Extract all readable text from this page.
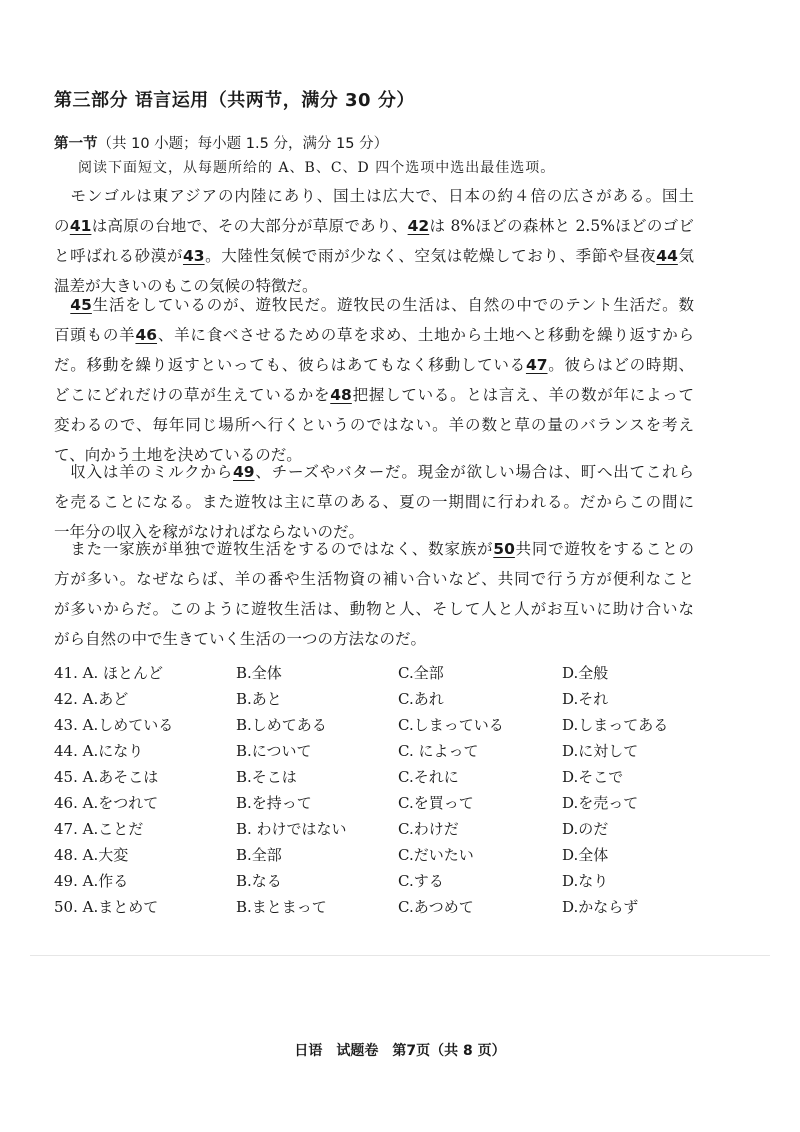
第三部分 语言运用（共两节，满分 30 分）
第一节（共 10 小题；每小题 1.5 分，满分 15 分）
阅读下面短文，从每题所给的 A、B、C、D 四个选项中选出最佳选项。
　モンゴルは東アジアの内陸にあり、国土は広大で、日本の約４倍の広さがある。国土
の41は高原の台地で、その大部分が草原であり、42は 8%ほどの森林と 2.5%ほどのゴビ
と呼ばれる砂漠が43。大陸性気候で雨が少なく、空気は乾燥しており、季節や昼夜44気
温差が大きいのもこの気候の特徴だ。
　45生活をしているのが、遊牧民だ。遊牧民の生活は、自然の中でのテント生活だ。数
百頭もの羊46、羊に食べさせるための草を求め、土地から土地へと移動を繰り返すから
だ。移動を繰り返すといっても、彼らはあてもなく移動している47。彼らはどの時期、
どこにどれだけの草が生えているかを48把握している。とは言え、羊の数が年によって
変わるので、毎年同じ場所へ行くというのではない。羊の数と草の量のバランスを考え
て、向かう土地を決めているのだ。
　収入は羊のミルクから49、チーズやバターだ。現金が欲しい場合は、町へ出てこれら
を売ることになる。また遊牧は主に草のある、夏の一期間に行われる。だからこの間に
一年分の収入を稼がなければならないのだ。
　また一家族が単独で遊牧生活をするのではなく、数家族が50共同で遊牧をすることの
方が多い。なぜならば、羊の番や生活物資の補い合いなど、共同で行う方が便利なこと
が多いからだ。このように遊牧生活は、動物と人、そして人と人がお互いに助け合いな
がら自然の中で生きていく生活の一つの方法なのだ。
41. A. ほとんど	B.全体	C.全部	D.全般
42. A.あど	B.あと	C.あれ	D.それ
43. A.しめている	B.しめてある	C.しまっている	D.しまってある
44. A.になり	B.について	C. によって	D.に対して
45. A.あそこは	B.そこは	C.それに	D.そこで
46. A.をつれて	B.を持って	C.を買って	D.を売って
47. A.ことだ	B. わけではない	C.わけだ	D.のだ
48. A.大変	B.全部	C.だいたい	D.全体
49. A.作る	B.なる	C.する	D.なり
50. A.まとめて	B.まとまって	C.あつめて	D.かならず
日语　试题卷　第7页（共 8 页）
